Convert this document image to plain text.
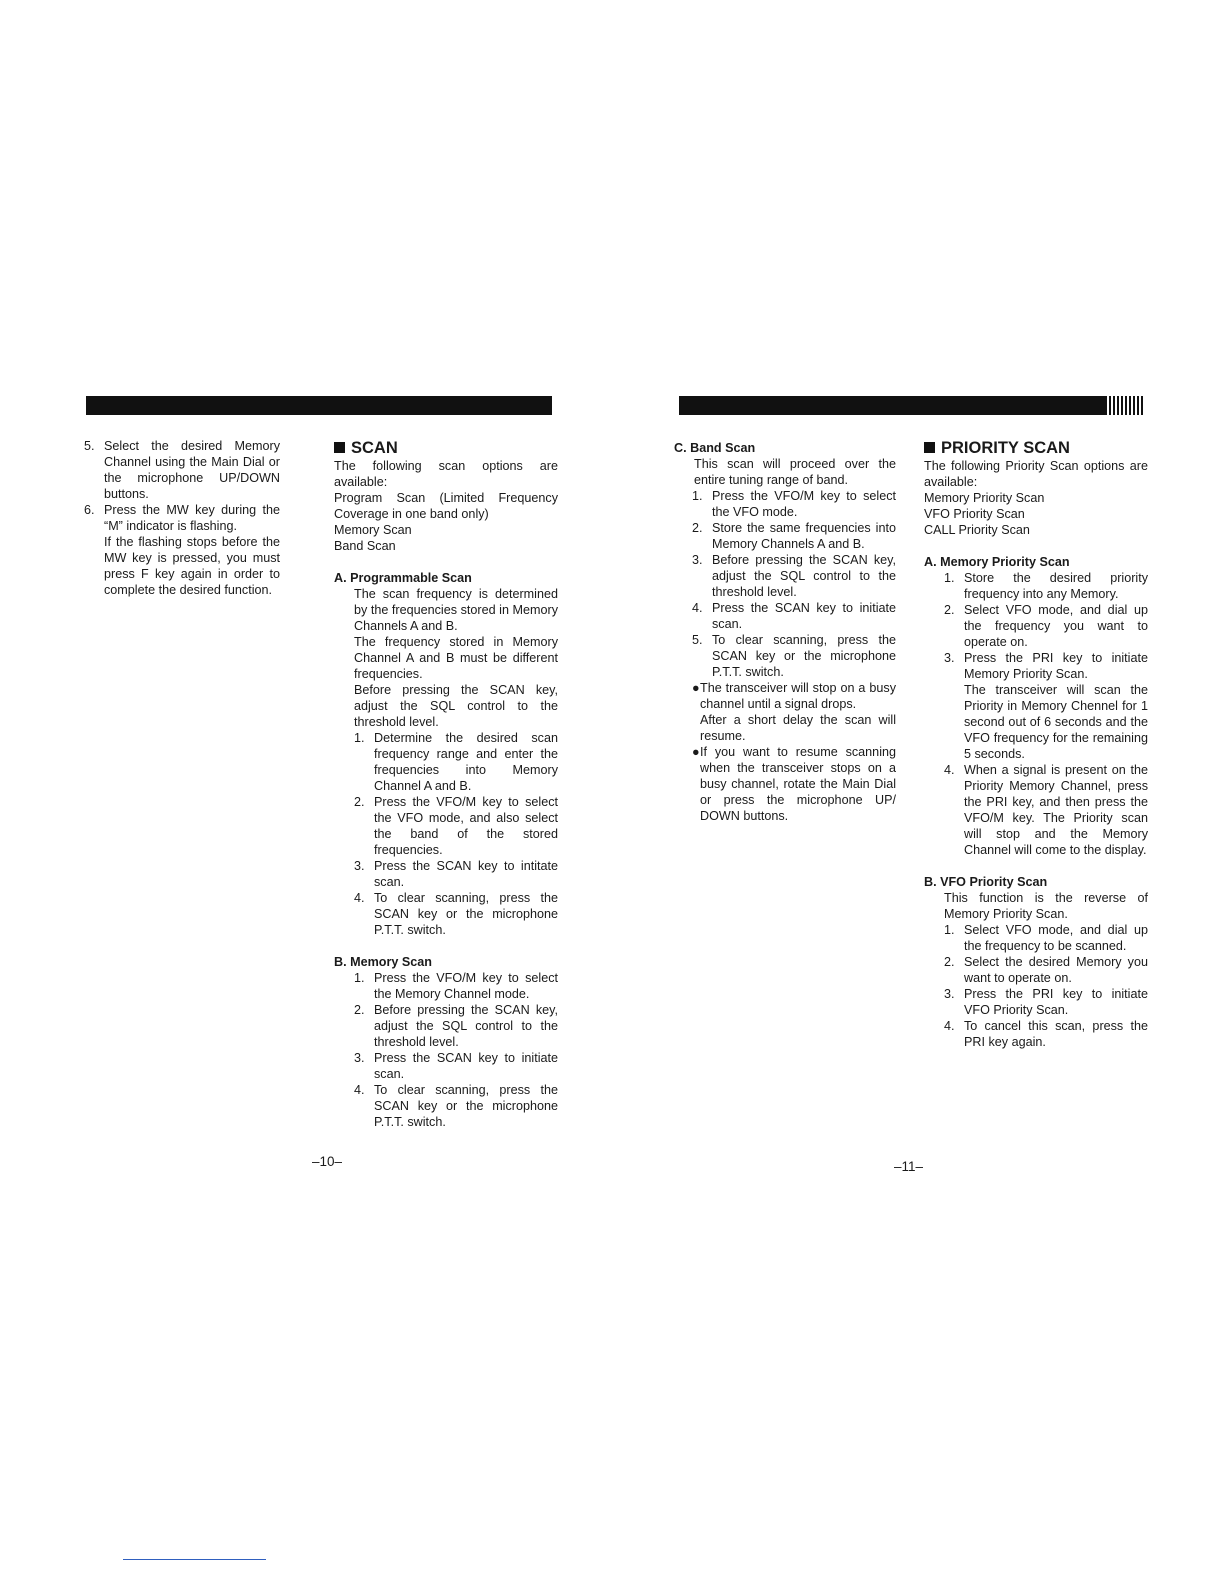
5. Select the desired Memory Channel using the Main Dial or the microphone UP/DOWN buttons.
6. Press the MW key during the “M” indicator is flashing.
If the flashing stops before the MW key is pressed, you must press F key again in order to complete the desired function.
SCAN

The following scan options are available:

Program Scan (Limited Frequency Coverage in one band only)

Memory Scan

Band Scan

A. Programmable Scan

The scan frequency is determined by the frequencies stored in Memory Channels A and B.

The frequency stored in Memory Channel A and B must be different frequencies.

Before pressing the SCAN key, adjust the SQL control to the threshold level.

1. Determine the desired scan frequency range and enter the frequencies into Memory Channel A and B.
2. Press the VFO/M key to select the VFO mode, and also select the band of the stored frequencies.
3. Press the SCAN key to intitate scan.
4. To clear scanning, press the SCAN key or the microphone P.T.T. switch.
B. Memory Scan
1. Press the VFO/M key to select the Memory Channel mode.
2. Before pressing the SCAN key, adjust the SQL control to the threshold level.
3. Press the SCAN key to initiate scan.
4. To clear scanning, press the SCAN key or the microphone P.T.T. switch.
C. Band Scan

This scan will proceed over the entire tuning range of band.

1. Press the VFO/M key to select the VFO mode.
2. Store the same frequencies into Memory Channels A and B.
3. Before pressing the SCAN key, adjust the SQL control to the threshold level.
4. Press the SCAN key to initiate scan.
5. To clear scanning, press the SCAN key or the microphone P.T.T. switch.
● The transceiver will stop on a busy channel until a signal drops.
After a short delay the scan will resume.
● If you want to resume scanning when the transceiver stops on a busy channel, rotate the Main Dial or press the microphone UP/ DOWN buttons.
PRIORITY SCAN

The following Priority Scan options are available:

Memory Priority Scan

VFO Priority Scan

CALL Priority Scan

A. Memory Priority Scan
1. Store the desired priority frequency into any Memory.
2. Select VFO mode, and dial up the frequency you want to operate on.
3. Press the PRI key to initiate Memory Priority Scan.
The transceiver will scan the Priority in Memory Chennel for 1 second out of 6 seconds and the VFO frequency for the remaining 5 seconds.
4. When a signal is present on the Priority Memory Channel, press the PRI key, and then press the VFO/M key. The Priority scan will stop and the Memory Channel will come to the display.
B. VFO Priority Scan

This function is the reverse of Memory Priority Scan.

1. Select VFO mode, and dial up the frequency to be scanned.
2. Select the desired Memory you want to operate on.
3. Press the PRI key to initiate VFO Priority Scan.
4. To cancel this scan, press the PRI key again.
–10–	–11–
